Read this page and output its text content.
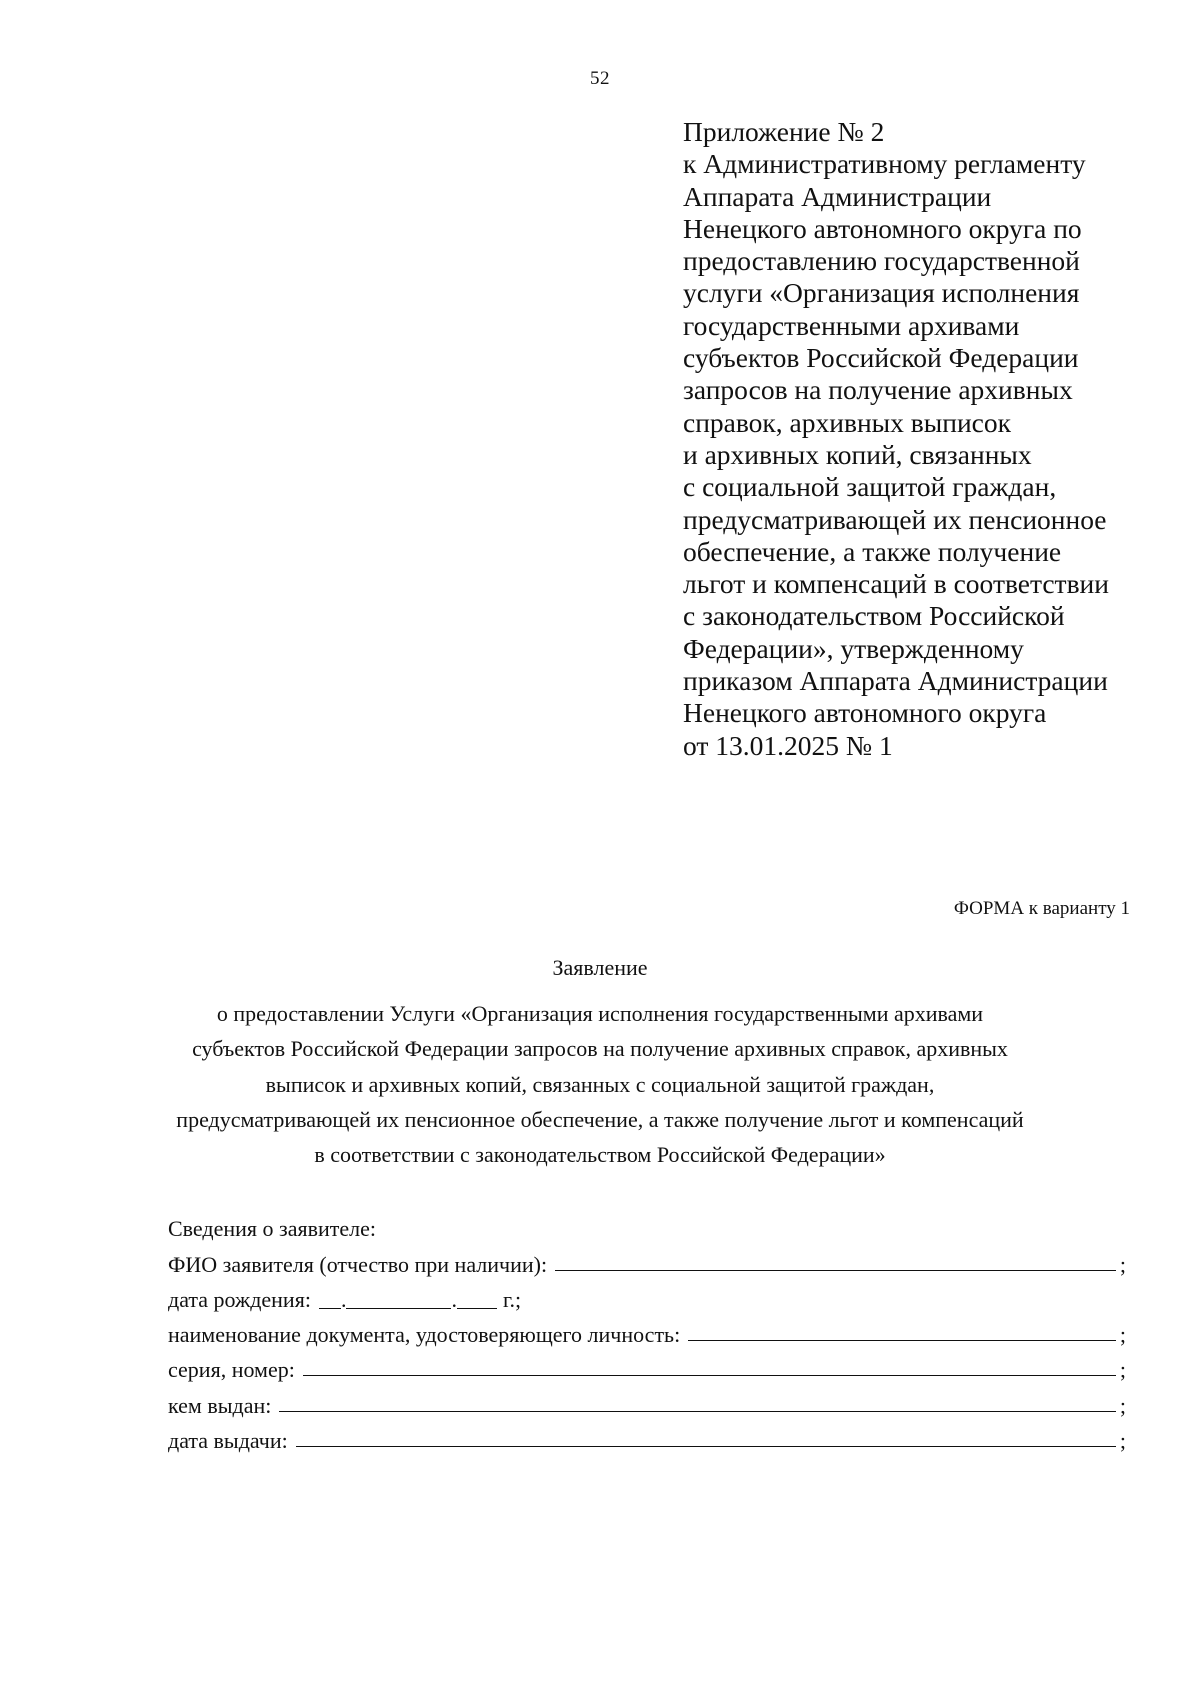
52
Приложение № 2
к Административному регламенту
Аппарата Администрации
Ненецкого автономного округа по
предоставлению государственной
услуги «Организация исполнения
государственными архивами
субъектов Российской Федерации
запросов на получение архивных
справок, архивных выписок
и архивных копий, связанных
с социальной защитой граждан,
предусматривающей их пенсионное
обеспечение, а также получение
льгот и компенсаций в соответствии
с законодательством Российской
Федерации», утвержденному
приказом Аппарата Администрации
Ненецкого автономного округа
от 13.01.2025 № 1
ФОРМА к варианту 1
Заявление
о предоставлении Услуги «Организация исполнения государственными архивами
субъектов Российской Федерации запросов на получение архивных справок, архивных
выписок и архивных копий, связанных с социальной защитой граждан,
предусматривающей их пенсионное обеспечение, а также получение льгот и компенсаций
в соответствии с законодательством Российской Федерации»
Сведения о заявителе:
ФИО заявителя (отчество при наличии):	;
дата рождения:	.	.	г.;
наименование документа, удостоверяющего личность:	;
серия, номер:	;
кем выдан:	;
дата выдачи:	;
